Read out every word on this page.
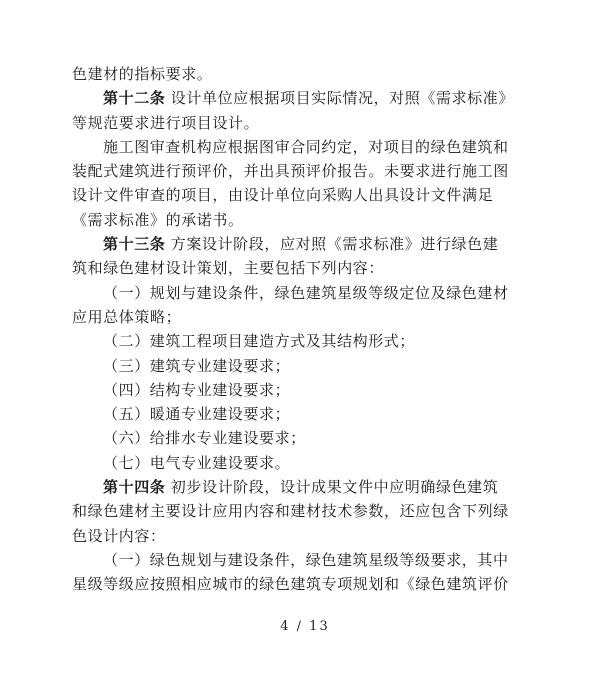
色建材的指标要求。
第十二条 设计单位应根据项目实际情况，对照《需求标准》
等规范要求进行项目设计。
施工图审查机构应根据图审合同约定，对项目的绿色建筑和
装配式建筑进行预评价，并出具预评价报告。未要求进行施工图
设计文件审查的项目，由设计单位向采购人出具设计文件满足
《需求标准》的承诺书。
第十三条 方案设计阶段，应对照《需求标准》进行绿色建
筑和绿色建材设计策划，主要包括下列内容：
（一）规划与建设条件，绿色建筑星级等级定位及绿色建材
应用总体策略；
（二）建筑工程项目建造方式及其结构形式；
（三）建筑专业建设要求；
（四）结构专业建设要求；
（五）暖通专业建设要求；
（六）给排水专业建设要求；
（七）电气专业建设要求。
第十四条 初步设计阶段，设计成果文件中应明确绿色建筑
和绿色建材主要设计应用内容和建材技术参数，还应包含下列绿
色设计内容：
（一）绿色规划与建设条件，绿色建筑星级等级要求，其中
星级等级应按照相应城市的绿色建筑专项规划和《绿色建筑评价
4 / 13
